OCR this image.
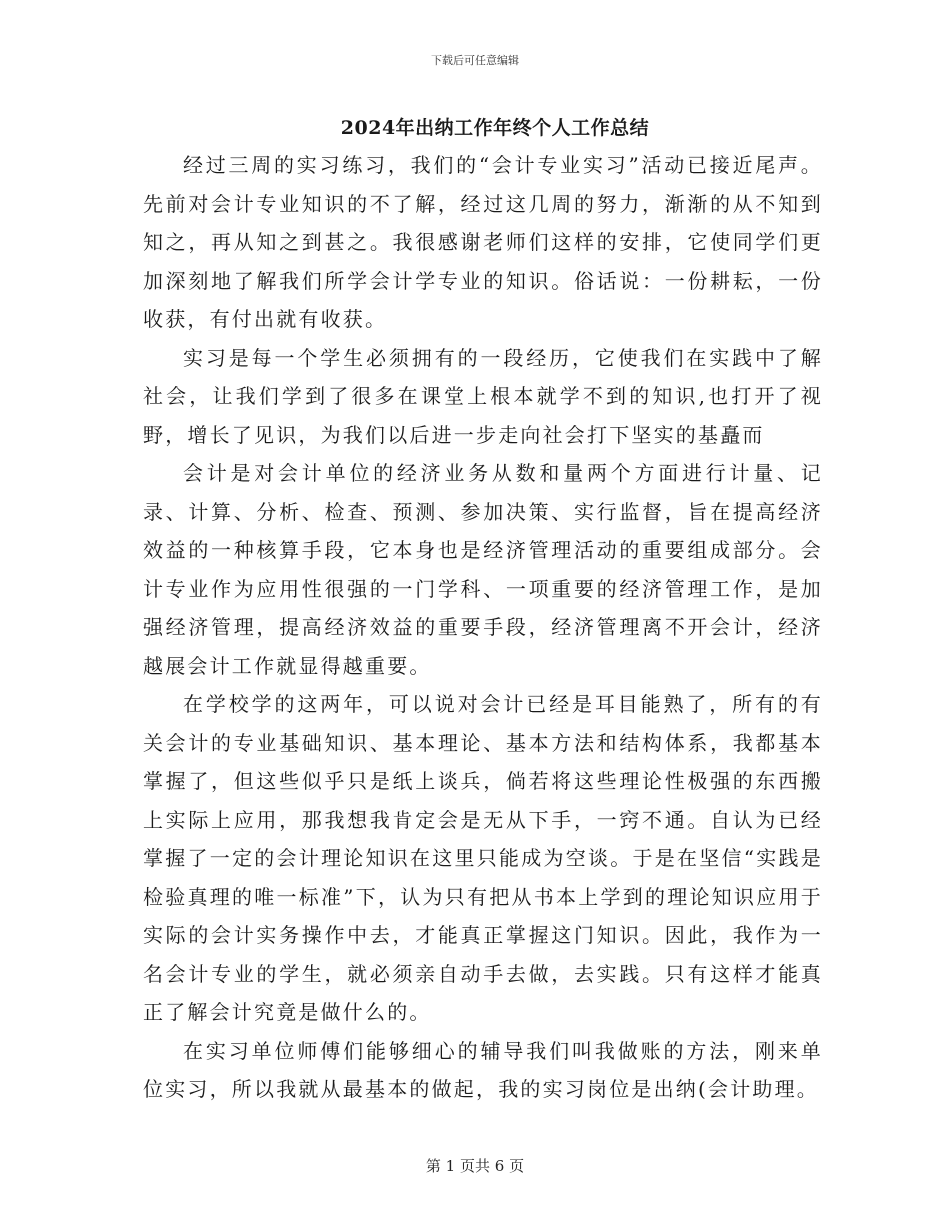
下载后可任意编辑
2024年出纳工作年终个人工作总结

经过三周的实习练习，我们的“会计专业实习”活动已接近尾声。先前对会计专业知识的不了解，经过这几周的努力，渐渐的从不知到知之，再从知之到甚之。我很感谢老师们这样的安排，它使同学们更加深刻地了解我们所学会计学专业的知识。俗话说：一份耕耘，一份收获，有付出就有收获。

实习是每一个学生必须拥有的一段经历，它使我们在实践中了解社会，让我们学到了很多在课堂上根本就学不到的知识,也打开了视野，增长了见识，为我们以后进一步走向社会打下坚实的基矗而

会计是对会计单位的经济业务从数和量两个方面进行计量、记录、计算、分析、检查、预测、参加决策、实行监督，旨在提高经济效益的一种核算手段，它本身也是经济管理活动的重要组成部分。会计专业作为应用性很强的一门学科、一项重要的经济管理工作，是加强经济管理，提高经济效益的重要手段，经济管理离不开会计，经济越展会计工作就显得越重要。

在学校学的这两年，可以说对会计已经是耳目能熟了，所有的有关会计的专业基础知识、基本理论、基本方法和结构体系，我都基本掌握了，但这些似乎只是纸上谈兵，倘若将这些理论性极强的东西搬上实际上应用，那我想我肯定会是无从下手，一窍不通。自认为已经掌握了一定的会计理论知识在这里只能成为空谈。于是在坚信“实践是检验真理的唯一标准”下，认为只有把从书本上学到的理论知识应用于实际的会计实务操作中去，才能真正掌握这门知识。因此，我作为一名会计专业的学生，就必须亲自动手去做，去实践。只有这样才能真正了解会计究竟是做什么的。

在实习单位师傅们能够细心的辅导我们叫我做账的方法，刚来单位实习，所以我就从最基本的做起，我的实习岗位是出纳(会计助理。

第 1 页共 6 页
